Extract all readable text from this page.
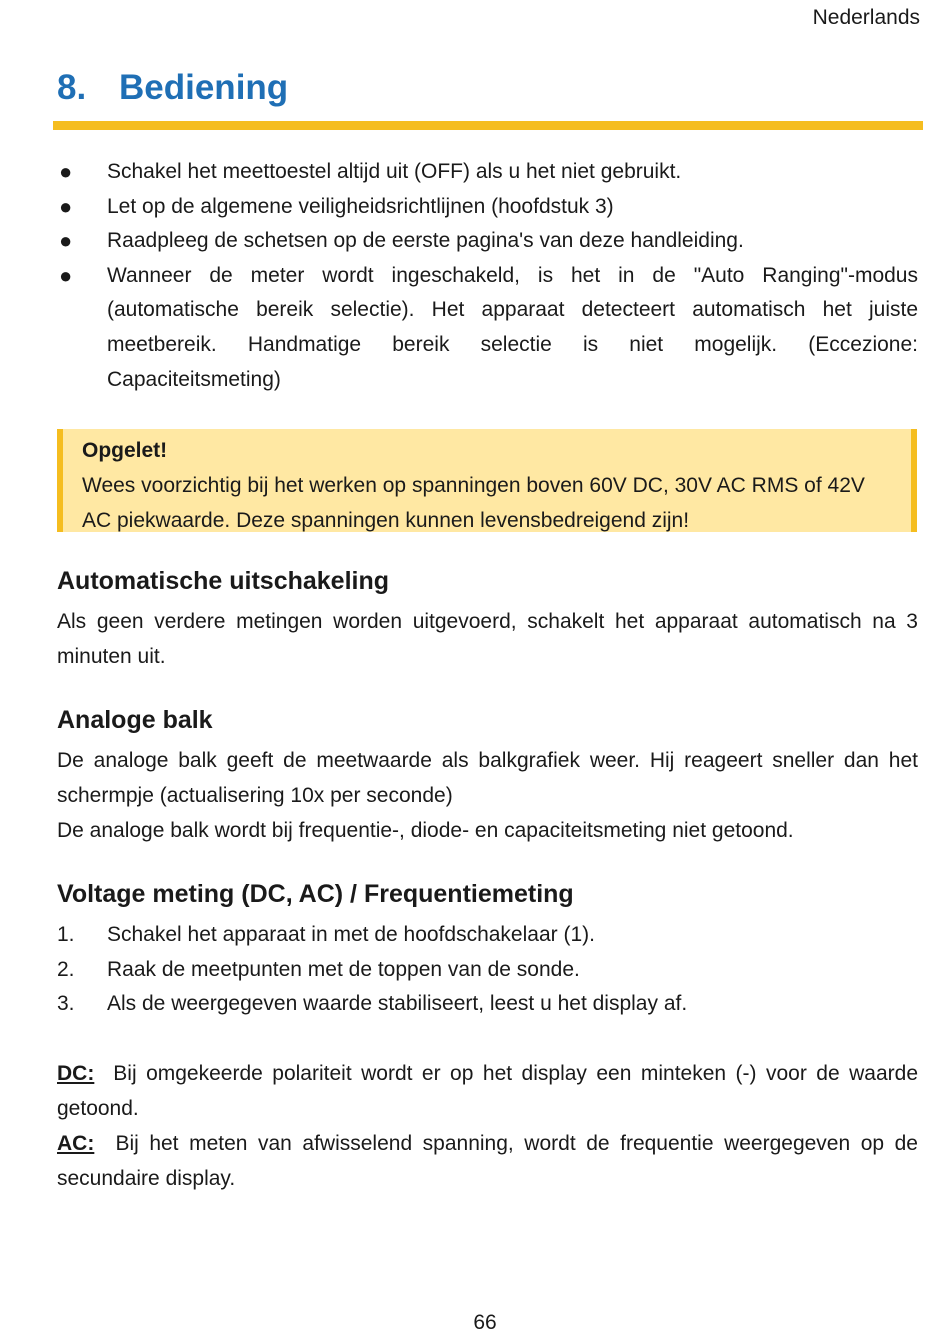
Nederlands
8. Bediening
● Schakel het meettoestel altijd uit (OFF) als u het niet gebruikt.
● Let op de algemene veiligheidsrichtlijnen (hoofdstuk 3)
● Raadpleeg de schetsen op de eerste pagina's van deze handleiding.
● Wanneer de meter wordt ingeschakeld, is het in de "Auto Ranging"-modus (automatische bereik selectie). Het apparaat detecteert automatisch het juiste meetbereik. Handmatige bereik selectie is niet mogelijk. (Eccezione: Capaciteitsmeting)
Opgelet!
Wees voorzichtig bij het werken op spanningen boven 60V DC, 30V AC RMS of 42V AC piekwaarde. Deze spanningen kunnen levensbedreigend zijn!
Automatische uitschakeling

Als geen verdere metingen worden uitgevoerd, schakelt het apparaat automatisch na 3 minuten uit.

Analoge balk

De analoge balk geeft de meetwaarde als balkgrafiek weer. Hij reageert sneller dan het schermpje (actualisering 10x per seconde)

De analoge balk wordt bij frequentie-, diode- en capaciteitsmeting niet getoond.

Voltage meting (DC, AC) / Frequentiemeting
1. Schakel het apparaat in met de hoofdschakelaar (1).
2. Raak de meetpunten met de toppen van de sonde.
3. Als de weergegeven waarde stabiliseert, leest u het display af.

DC: Bij omgekeerde polariteit wordt er op het display een minteken (-) voor de waarde getoond.

AC: Bij het meten van afwisselend spanning, wordt de frequentie weergegeven op de secundaire display.

66
